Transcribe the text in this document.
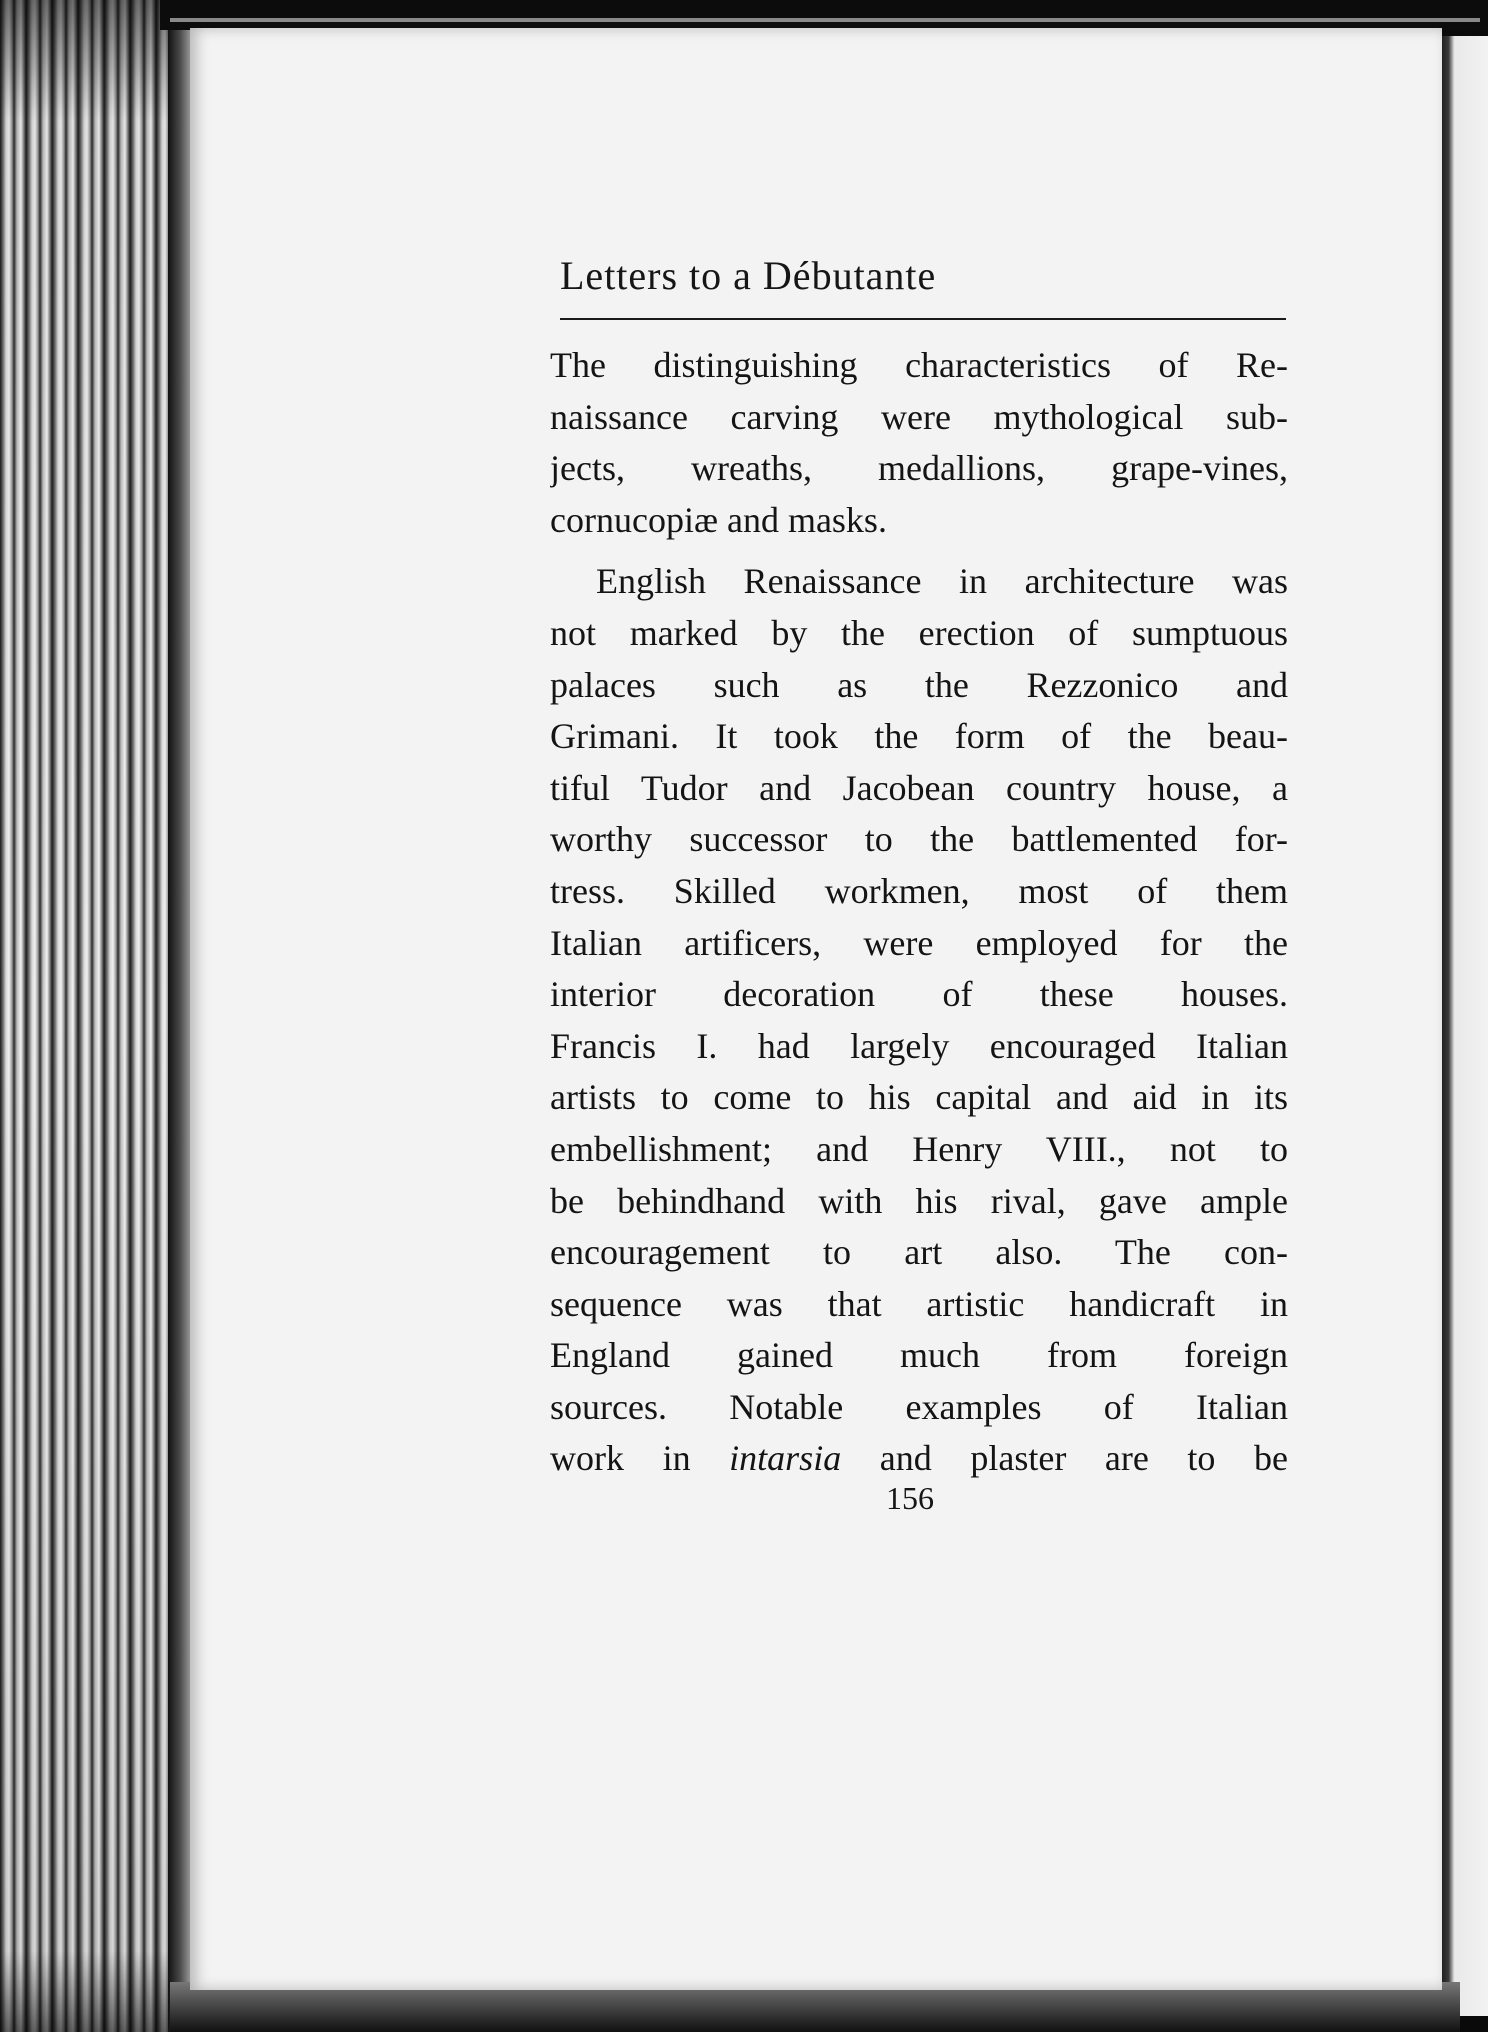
Letters to a Débutante
The distinguishing characteristics of Re-
naissance carving were mythological sub-
jects, wreaths, medallions, grape-vines,
cornucopiæ and masks.
English Renaissance in architecture was
not marked by the erection of sumptuous
palaces such as the Rezzonico and
Grimani. It took the form of the beau-
tiful Tudor and Jacobean country house, a
worthy successor to the battlemented for-
tress. Skilled workmen, most of them
Italian artificers, were employed for the
interior decoration of these houses.
Francis I. had largely encouraged Italian
artists to come to his capital and aid in its
embellishment; and Henry VIII., not to
be behindhand with his rival, gave ample
encouragement to art also. The con-
sequence was that artistic handicraft in
England gained much from foreign
sources. Notable examples of Italian
work in intarsia and plaster are to be
156
